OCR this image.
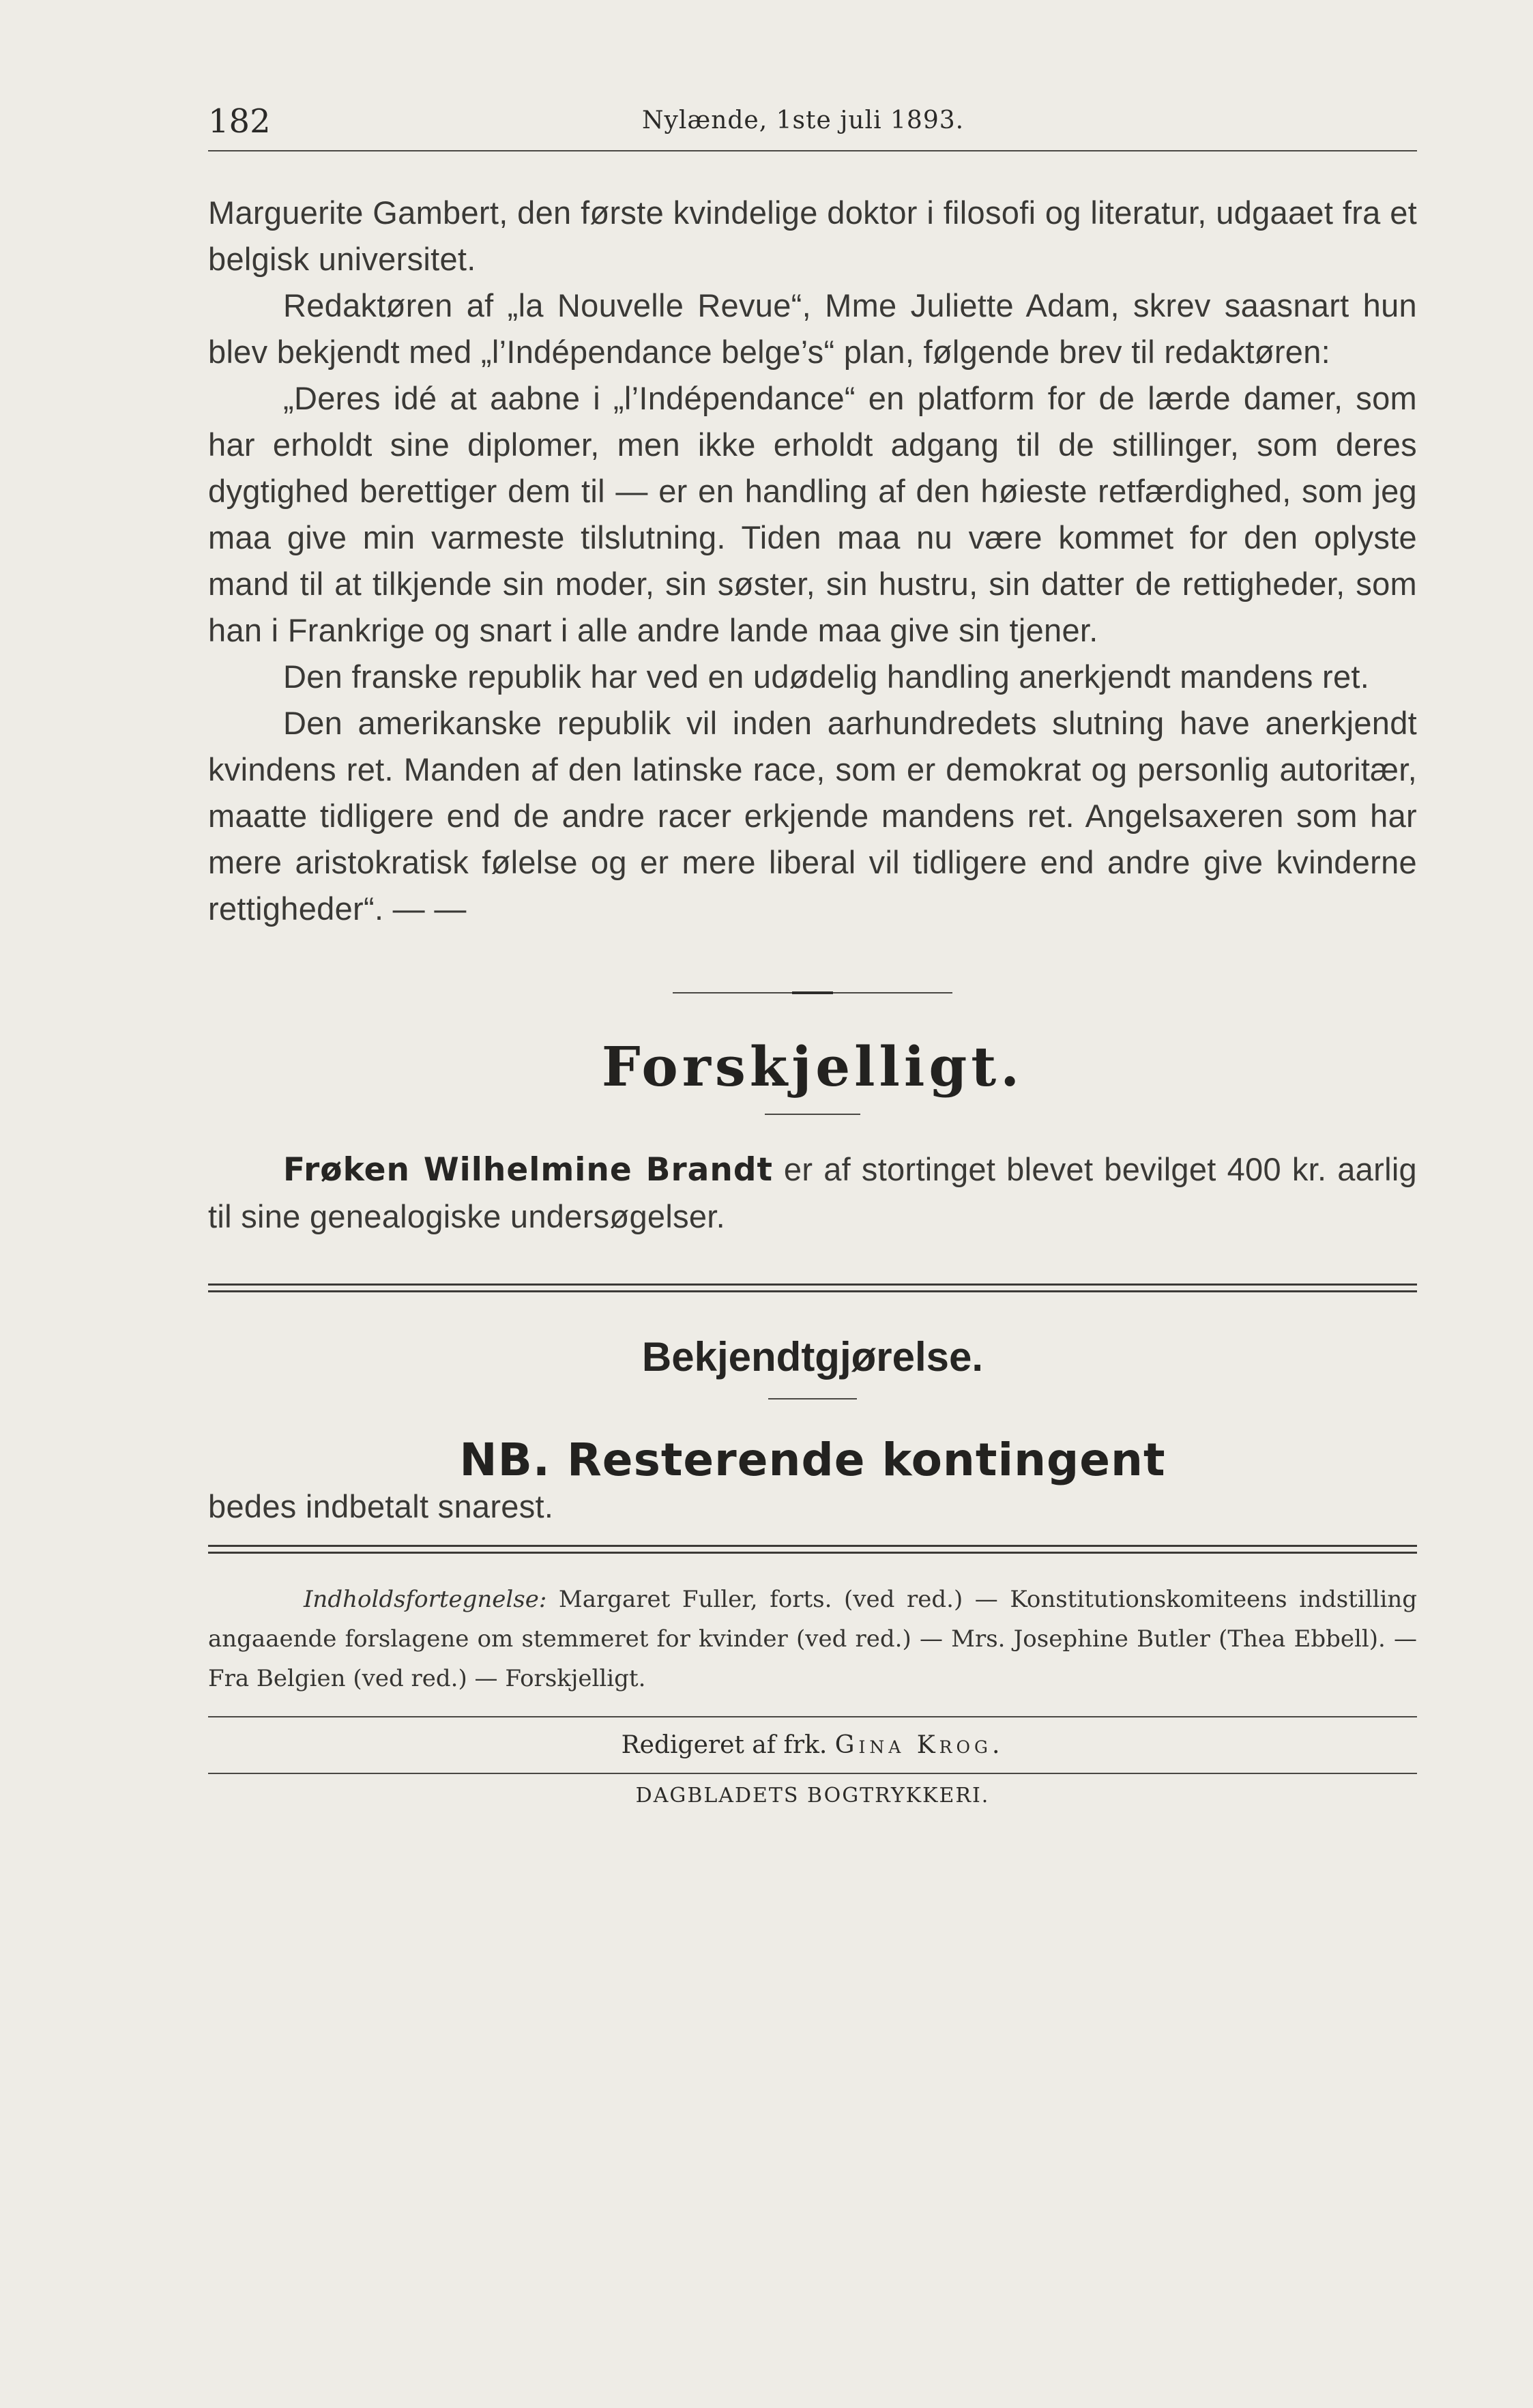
182	Nylænde, 1ste juli 1893.

Marguerite Gambert, den første kvindelige doktor i filosofi og literatur, udgaaet fra et belgisk universitet.

Redaktøren af „la Nouvelle Revue“, Mme Juliette Adam, skrev saasnart hun blev bekjendt med „l’Indépendance belge’s“ plan, følgende brev til redaktøren:

„Deres idé at aabne i „l’Indépendance“ en platform for de lærde damer, som har erholdt sine diplomer, men ikke erholdt adgang til de stillinger, som deres dygtighed berettiger dem til — er en handling af den høieste retfærdighed, som jeg maa give min varmeste tilslutning. Tiden maa nu være kommet for den oplyste mand til at tilkjende sin moder, sin søster, sin hustru, sin datter de rettigheder, som han i Frankrige og snart i alle andre lande maa give sin tjener.

Den franske republik har ved en udødelig handling anerkjendt mandens ret.

Den amerikanske republik vil inden aarhundredets slutning have anerkjendt kvindens ret. Manden af den latinske race, som er demokrat og personlig autoritær, maatte tidligere end de andre racer erkjende mandens ret. Angelsaxeren som har mere aristokratisk følelse og er mere liberal vil tidligere end andre give kvinderne rettigheder“. — —

Forskjelligt.

Frøken Wilhelmine Brandt er af stortinget blevet bevilget 400 kr. aarlig til sine genealogiske undersøgelser.

Bekjendtgjørelse.
NB. Resterende kontingent

bedes indbetalt snarest.

Indholdsfortegnelse: Margaret Fuller, forts. (ved red.) — Konstitutionskomiteens indstilling angaaende forslagene om stemmeret for kvinder (ved red.) — Mrs. Josephine Butler (Thea Ebbell). — Fra Belgien (ved red.) — Forskjelligt.

Redigeret af frk. Gina Krog.

DAGBLADETS BOGTRYKKERI.
